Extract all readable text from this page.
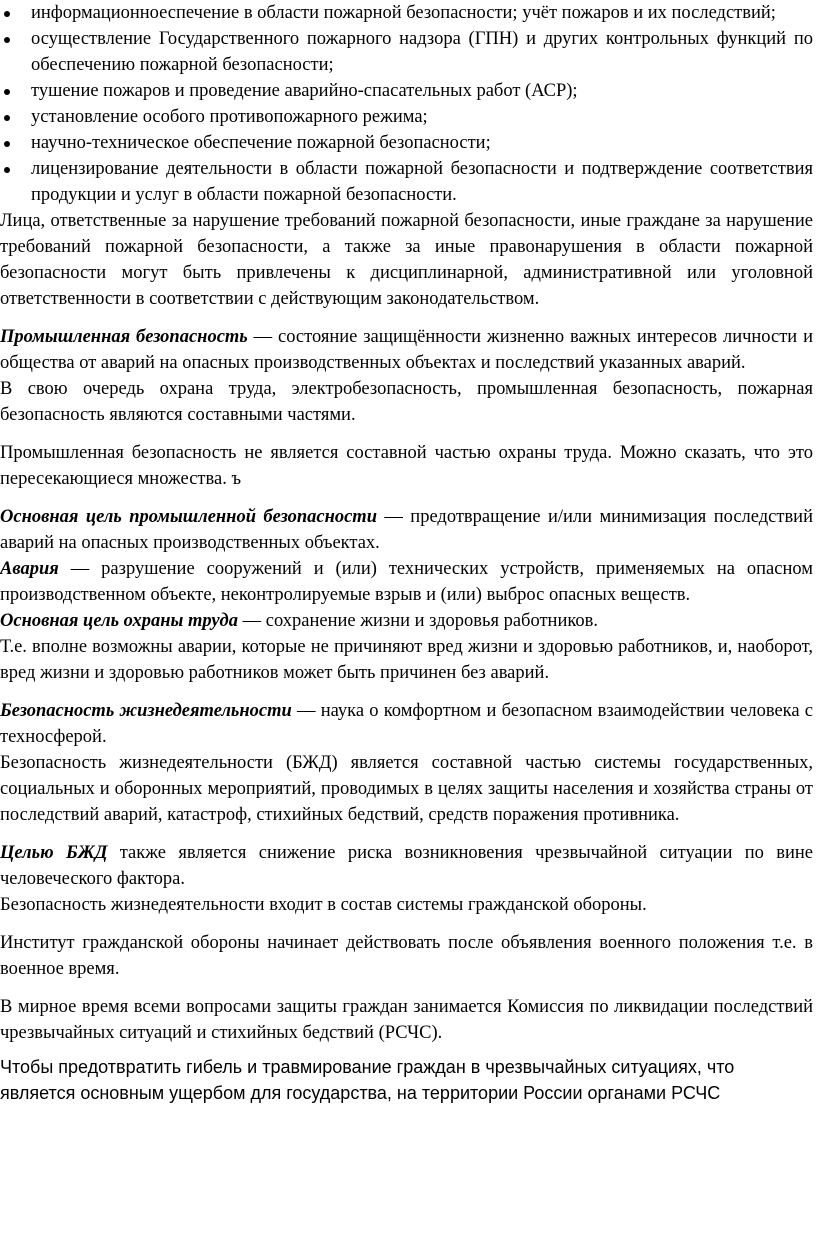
информационноеспечение в области пожарной безопасности; учёт пожаров и их последствий;
осуществление Государственного пожарного надзора (ГПН) и других контрольных функций по обеспечению пожарной безопасности;
тушение пожаров и проведение аварийно-спасательных работ (АСР);
установление особого противопожарного режима;
научно-техническое обеспечение пожарной безопасности;
лицензирование деятельности в области пожарной безопасности и подтверждение соответствия продукции и услуг в области пожарной безопасности.

Лица, ответственные за нарушение требований пожарной безопасности, иные граждане за нарушение требований пожарной безопасности, а также за иные правонарушения в области пожарной безопасности могут быть привлечены к дисциплинарной, административной или уголовной ответственности в соответствии с действующим законодательством.

Промышленная безопасность — состояние защищённости жизненно важных интересов личности и общества от аварий на опасных производственных объектах и последствий указанных аварий.

В свою очередь охрана труда, электробезопасность, промышленная безопасность, пожарная безопасность являются составными частями.

Промышленная безопасность не является составной частью охраны труда. Можно сказать, что это пересекающиеся множества. ъ

Основная цель промышленной безопасности — предотвращение и/или минимизация последствий аварий на опасных производственных объектах.

Авария — разрушение сооружений и (или) технических устройств, применяемых на опасном производственном объекте, неконтролируемые взрыв и (или) выброс опасных веществ.

Основная цель охраны труда — сохранение жизни и здоровья работников.

Т.е. вполне возможны аварии, которые не причиняют вред жизни и здоровью работников, и, наоборот, вред жизни и здоровью работников может быть причинен без аварий.

Безопасность жизнедеятельности — наука о комфортном и безопасном взаимодействии человека с техносферой.

Безопасность жизнедеятельности (БЖД) является составной частью системы государственных, социальных и оборонных мероприятий, проводимых в целях защиты населения и хозяйства страны от последствий аварий, катастроф, стихийных бедствий, средств поражения противника.

Целью БЖД также является снижение риска возникновения чрезвычайной ситуации по вине человеческого фактора.

Безопасность жизнедеятельности входит в состав системы гражданской обороны.

Институт гражданской обороны начинает действовать после объявления военного положения т.е. в военное время.

В мирное время всеми вопросами защиты граждан занимается Комиссия по ликвидации последствий чрезвычайных ситуаций и стихийных бедствий (РСЧС).

Чтобы предотвратить гибель и травмирование граждан в чрезвычайных ситуациях, что является основным ущербом для государства, на территории России органами РСЧС
